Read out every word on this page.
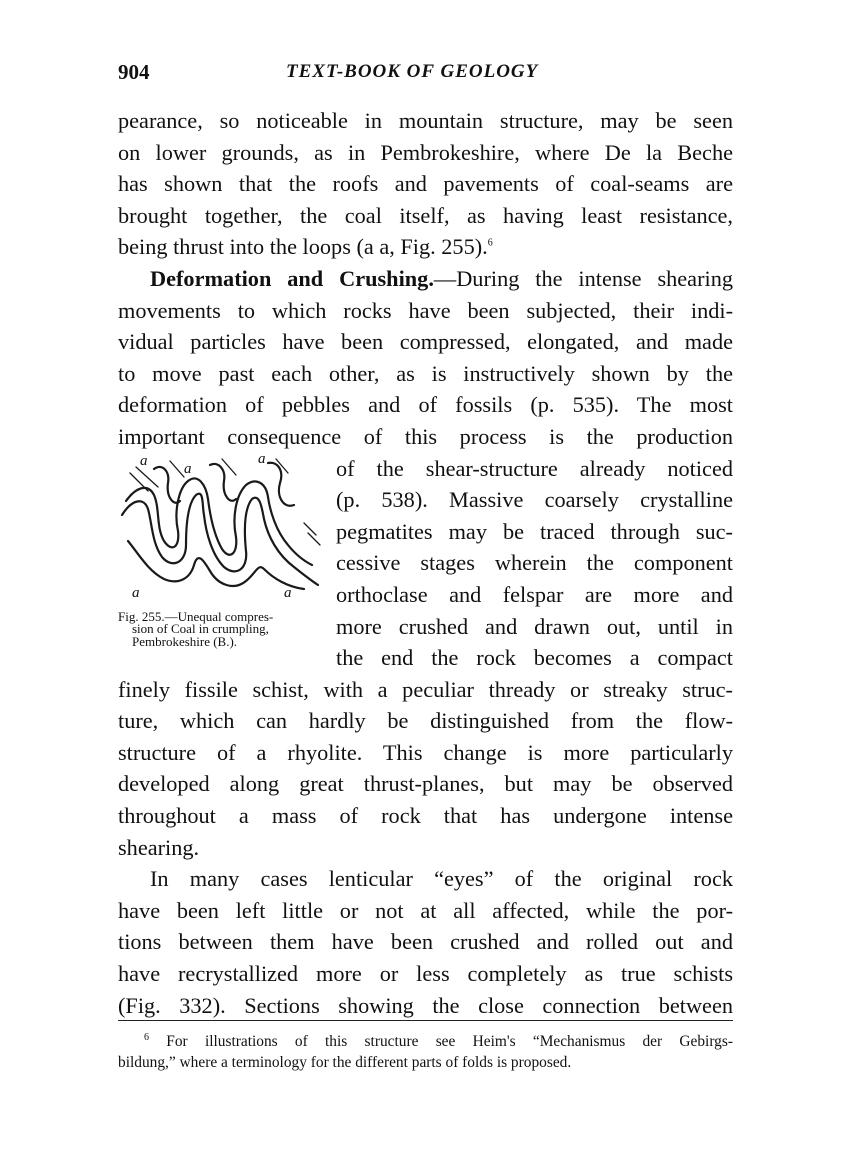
904	TEXT-BOOK OF GEOLOGY
pearance, so noticeable in mountain structure, may be seen
on lower grounds, as in Pembrokeshire, where De la Beche
has shown that the roofs and pavements of coal-seams are
brought together, the coal itself, as having least resistance,
being thrust into the loops (a a, Fig. 255).$^6$
Deformation and Crushing.—During the intense shearing
movements to which rocks have been subjected, their indi-
vidual particles have been compressed, elongated, and made
to move past each other, as is instructively shown by the
deformation of pebbles and of fossils (p. 535). The most
important consequence of this process is the production
a a
a
a	a
Fig. 255.—Unequal compres-
sion of Coal in crumpling,
Pembrokeshire (B.).
of the shear-structure already noticed
(p. 538). Massive coarsely crystalline
pegmatites may be traced through suc-
cessive stages wherein the component
orthoclase and felspar are more and
more crushed and drawn out, until in
the end the rock becomes a compact
finely fissile schist, with a peculiar thready or streaky struc-
ture, which can hardly be distinguished from the flow-
structure of a rhyolite. This change is more particularly
developed along great thrust-planes, but may be observed
throughout a mass of rock that has undergone intense
shearing.
In many cases lenticular “eyes” of the original rock
have been left little or not at all affected, while the por-
tions between them have been crushed and rolled out and
have recrystallized more or less completely as true schists
(Fig. 332). Sections showing the close connection between
$^6$ For illustrations of this structure see Heim's “Mechanismus der Gebirgs-
bildung,” where a terminology for the different parts of folds is proposed.
